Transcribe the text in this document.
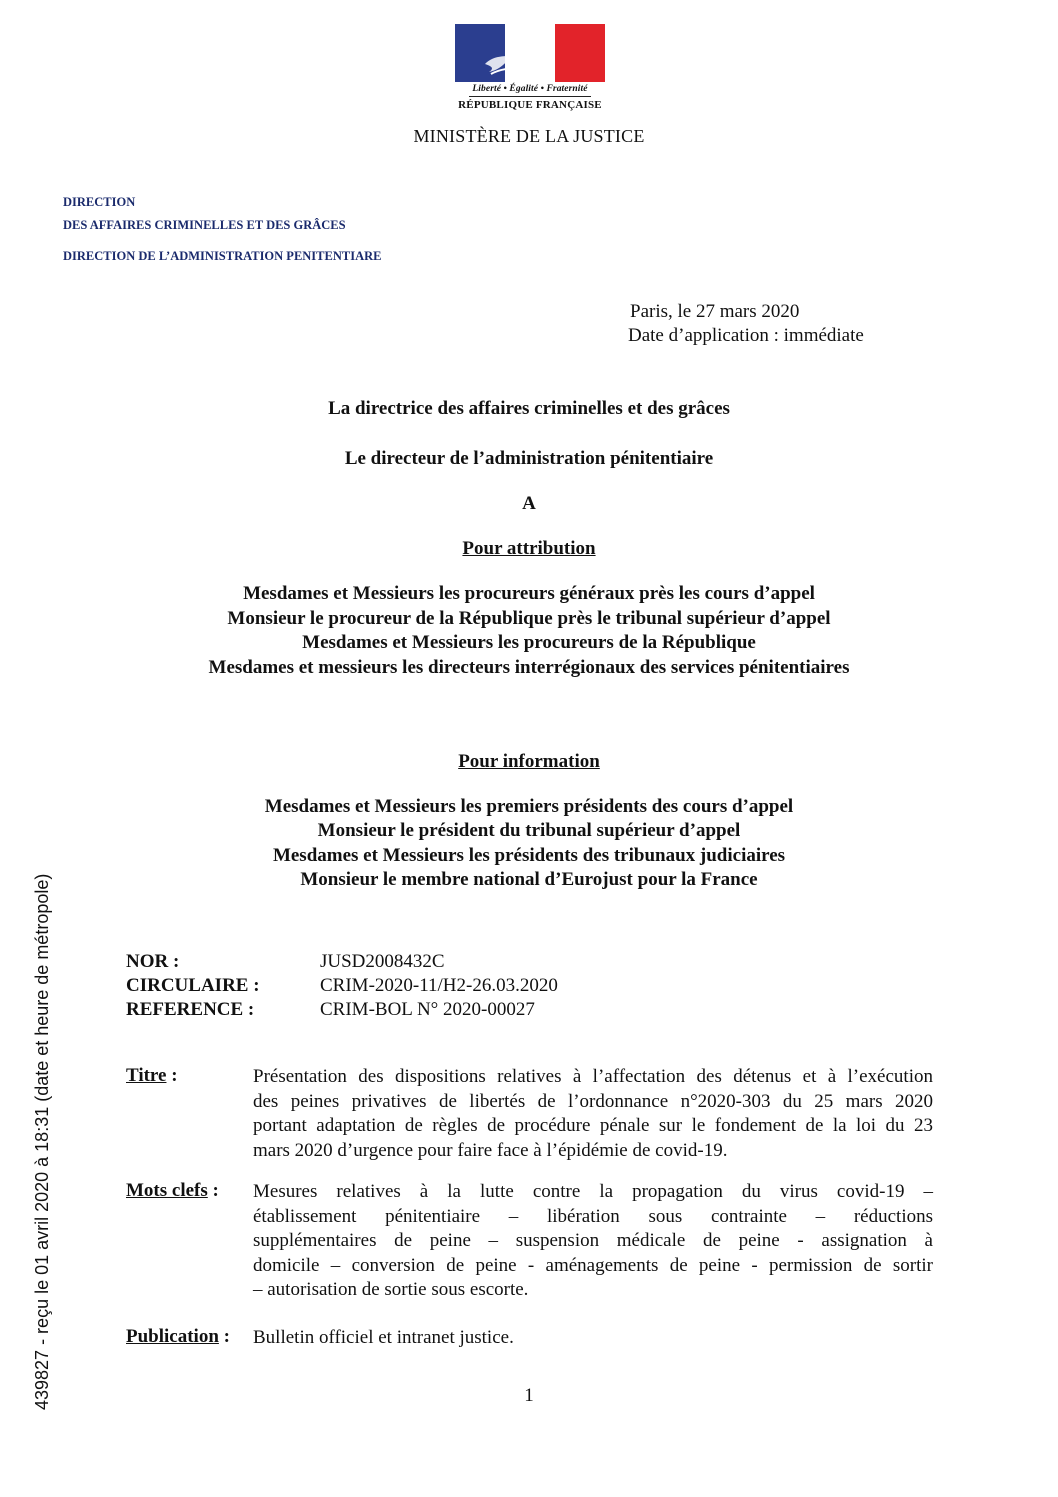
Liberté • Égalité • Fraternité
RÉPUBLIQUE FRANÇAISE
MINISTÈRE DE LA JUSTICE
DIRECTION
DES AFFAIRES CRIMINELLES ET DES GRÂCES
DIRECTION DE L’ADMINISTRATION PENITENTIARE
Paris, le 27 mars 2020
Date d’application : immédiate
La directrice des affaires criminelles et des grâces
Le directeur de l’administration pénitentiaire
A
Pour attribution
Mesdames et Messieurs les procureurs généraux près les cours d’appel
Monsieur le procureur de la République près le tribunal supérieur d’appel
Mesdames et Messieurs les procureurs de la République
Mesdames et messieurs les directeurs interrégionaux des services pénitentiaires
Pour information
Mesdames et Messieurs les premiers présidents des cours d’appel
Monsieur le président du tribunal supérieur d’appel
Mesdames et Messieurs les présidents des tribunaux judiciaires
Monsieur le membre national d’Eurojust pour la France
NOR :	JUSD2008432C
CIRCULAIRE :	CRIM-2020-11/H2-26.03.2020
REFERENCE :	CRIM-BOL N° 2020-00027
Titre :	Présentation des dispositions relatives à l’affectation des détenus et à l’exécution
des peines privatives de libertés de l’ordonnance n°2020-303 du 25 mars 2020
portant adaptation de règles de procédure pénale sur le fondement de la loi du 23
mars 2020 d’urgence pour faire face à l’épidémie de covid-19.
Mots clefs : Mesures relatives à la lutte contre la propagation du virus covid-19 –
établissement pénitentiaire – libération sous contrainte – réductions
supplémentaires de peine – suspension médicale de peine - assignation à
domicile – conversion de peine - aménagements de peine - permission de sortir
– autorisation de sortie sous escorte.
Publication : Bulletin officiel et intranet justice.
1
439827 - reçu le 01 avril 2020 à 18:31 (date et heure de métropole)
